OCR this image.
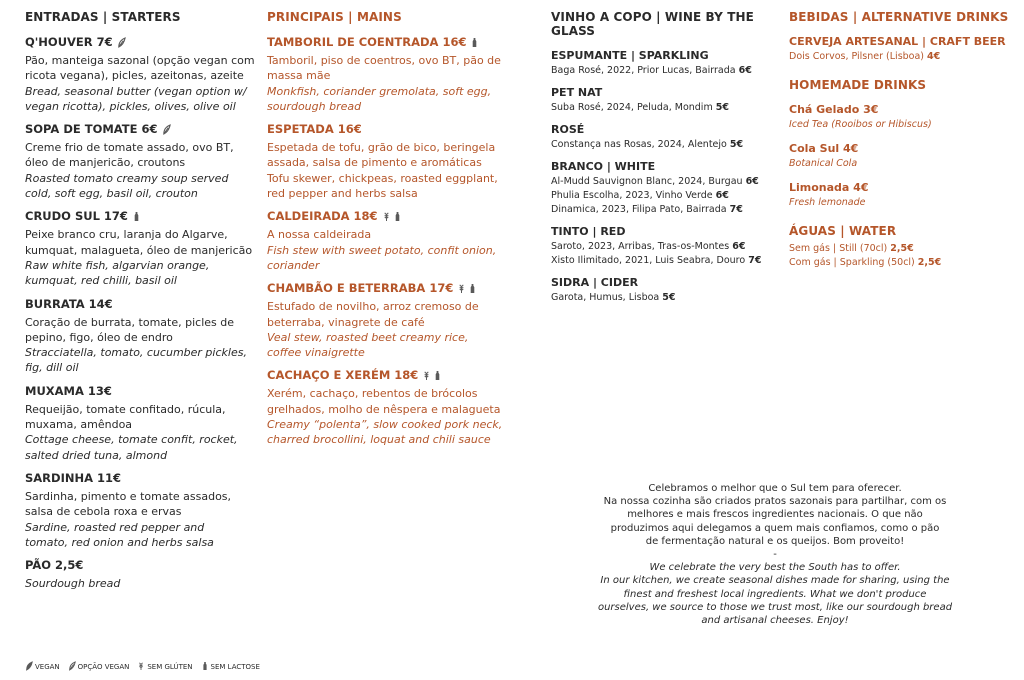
ENTRADAS | STARTERS
Q'HOUVER 7€
Pão, manteiga sazonal (opção vegan com
ricota vegana), picles, azeitonas, azeite
Bread, seasonal butter (vegan option w/
vegan ricotta), pickles, olives, olive oil
SOPA DE TOMATE 6€
Creme frio de tomate assado, ovo BT,
óleo de manjericão, croutons
Roasted tomato creamy soup served
cold, soft egg, basil oil, crouton
CRUDO SUL 17€
Peixe branco cru, laranja do Algarve,
kumquat, malagueta, óleo de manjericão
Raw white fish, algarvian orange,
kumquat, red chilli, basil oil
BURRATA 14€
Coração de burrata, tomate, picles de
pepino, figo, óleo de endro
Stracciatella, tomato, cucumber pickles,
fig, dill oil
MUXAMA 13€
Requeijão, tomate confitado, rúcula,
muxama, amêndoa
Cottage cheese, tomate confit, rocket,
salted dried tuna, almond
SARDINHA 11€
Sardinha, pimento e tomate assados,
salsa de cebola roxa e ervas
Sardine, roasted red pepper and
tomato, red onion and herbs salsa
PÃO 2,5€
Sourdough bread
PRINCIPAIS | MAINS
TAMBORIL DE COENTRADA 16€
Tamboril, piso de coentros, ovo BT, pão de
massa mãe
Monkfish, coriander gremolata, soft egg,
sourdough bread
ESPETADA 16€
Espetada de tofu, grão de bico, beringela
assada, salsa de pimento e aromáticas
Tofu skewer, chickpeas, roasted eggplant,
red pepper and herbs salsa
CALDEIRADA 18€
A nossa caldeirada
Fish stew with sweet potato, confit onion,
coriander
CHAMBÃO E BETERRABA 17€
Estufado de novilho, arroz cremoso de
beterraba, vinagrete de café
Veal stew, roasted beet creamy rice,
coffee vinaigrette
CACHAÇO E XERÉM 18€
Xerém, cachaço, rebentos de brócolos
grelhados, molho de nêspera e malagueta
Creamy “polenta”, slow cooked pork neck,
charred brocollini, loquat and chili sauce
VINHO A COPO | WINE BY THE GLASS
ESPUMANTE | SPARKLING
Baga Rosé, 2022, Prior Lucas, Bairrada 6€
PET NAT
Suba Rosé, 2024, Peluda, Mondim 5€
ROSÉ
Constança nas Rosas, 2024, Alentejo 5€
BRANCO | WHITE
Al-Mudd Sauvignon Blanc, 2024, Burgau 6€
Phulia Escolha, 2023, Vinho Verde 6€
Dinamica, 2023, Filipa Pato, Bairrada 7€
TINTO | RED
Saroto, 2023, Arribas, Tras-os-Montes 6€
Xisto Ilimitado, 2021, Luis Seabra, Douro 7€
SIDRA | CIDER
Garota, Humus, Lisboa 5€
BEBIDAS | ALTERNATIVE DRINKS
CERVEJA ARTESANAL | CRAFT BEER
Dois Corvos, Pilsner (Lisboa) 4€
HOMEMADE DRINKS
Chá Gelado 3€
Iced Tea (Rooibos or Hibiscus)
Cola Sul 4€
Botanical Cola
Limonada 4€
Fresh lemonade
ÁGUAS | WATER
Sem gás | Still (70cl) 2,5€
Com gás | Sparkling (50cl) 2,5€
Celebramos o melhor que o Sul tem para oferecer.
Na nossa cozinha são criados pratos sazonais para partilhar, com os
melhores e mais frescos ingredientes nacionais. O que não
produzimos aqui delegamos a quem mais confiamos, como o pão
de fermentação natural e os queijos. Bom proveito!
-
We celebrate the very best the South has to offer.
In our kitchen, we create seasonal dishes made for sharing, using the
finest and freshest local ingredients. What we don't produce
ourselves, we source to those we trust most, like our sourdough bread
and artisanal cheeses. Enjoy!
VEGAN	OPÇÃO VEGAN	SEM GLÚTEN	SEM LACTOSE
